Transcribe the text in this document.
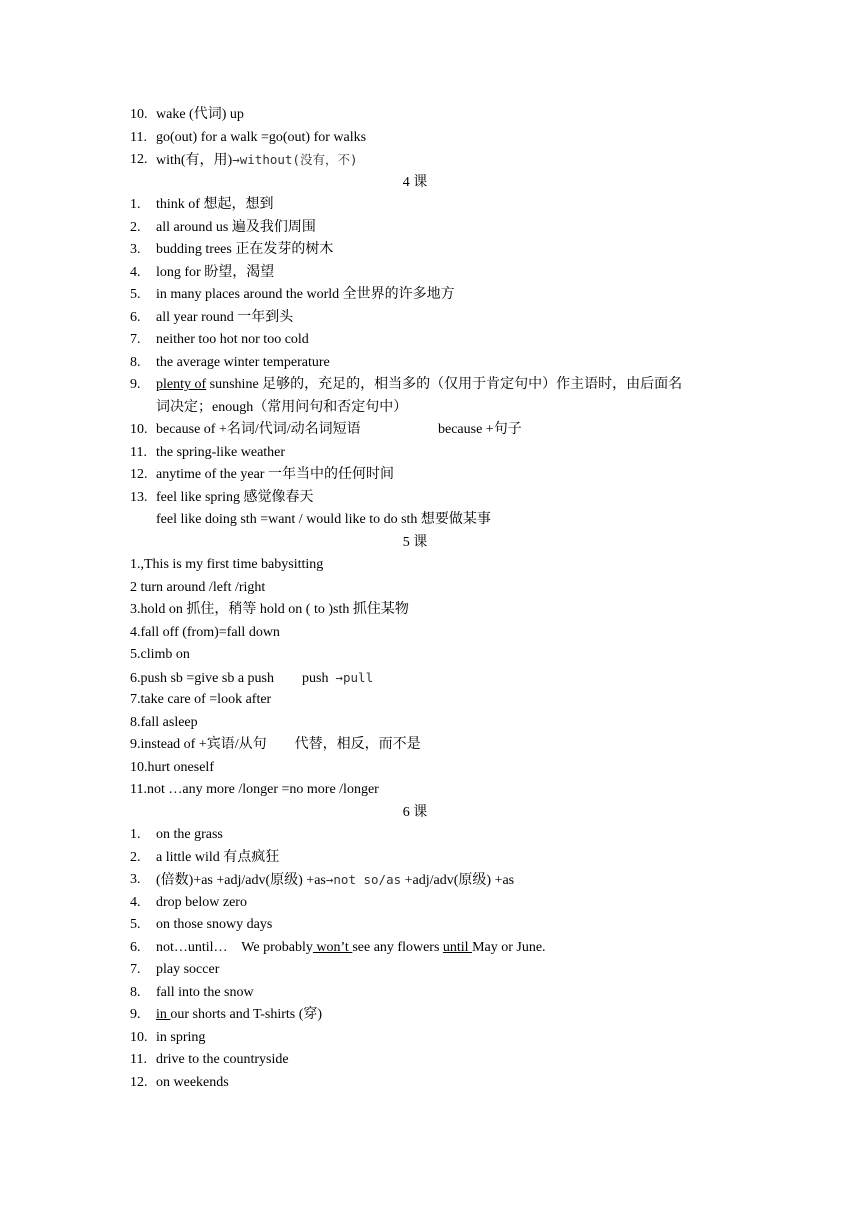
10. wake (代词) up
11. go(out) for a walk =go(out) for walks
12. with(有，用)→without(没有，不)
4 课
1. think of 想起，想到
2. all around us 遍及我们周围
3. budding trees 正在发芽的树木
4. long for 盼望，渴望
5. in many places around the world 全世界的许多地方
6. all year round 一年到头
7. neither too hot nor too cold
8. the average winter temperature
9. plenty of sunshine 足够的，充足的，相当多的（仅用于肯定句中）作主语时，由后面名
词决定；enough（常用问句和否定句中）
10. because of +名词/代词/动名词短语	because +句子
11. the spring-like weather
12. anytime of the year 一年当中的任何时间
13. feel like spring 感觉像春天
feel like doing sth =want / would like to do sth 想要做某事
5 课
1.,This is my first time babysitting
2 turn around /left /right
3.hold on 抓住，稍等 hold on ( to )sth 抓住某物
4.fall off (from)=fall down
5.climb on
6.push sb =give sb a push        push  →pull
7.take care of =look after
8.fall asleep
9.instead of +宾语/从句        代替，相反，而不是
10.hurt oneself
11.not …any more /longer =no more /longer
6 课
1. on the grass
2. a little wild 有点疯狂
3. (倍数)+as +adj/adv(原级) +as→not so/as +adj/adv(原级) +as
4. drop below zero
5. on those snowy days
6. not…until…    We probably won’t see any flowers until May or June.
7. play soccer
8. fall into the snow
9. in our shorts and T-shirts (穿)
10. in spring
11. drive to the countryside
12. on weekends
